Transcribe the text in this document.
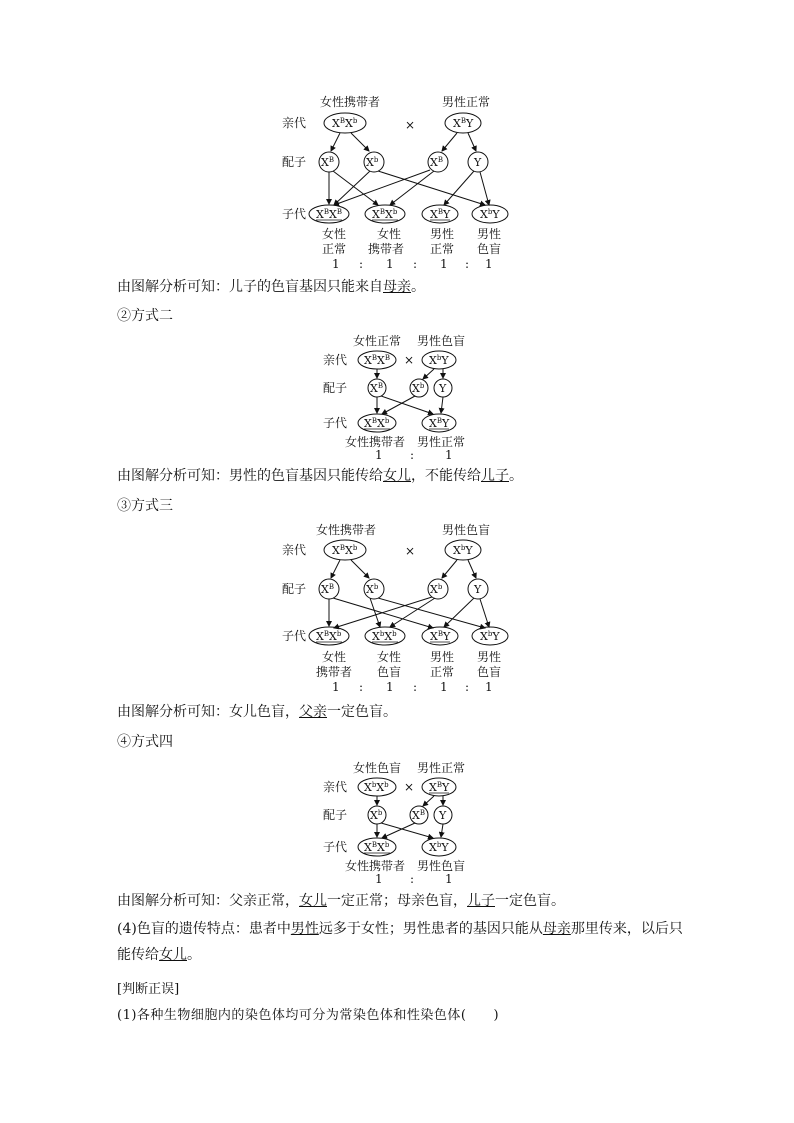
女性携带者	男性正常
亲代
配子
子代
×
$X^BX^b$	$X^BY$
$X^B$	$X^b$	$X^B$	Y
$X^BX^B$	$X^BX^b$	$X^BY$	$X^bY$
女性
正常
女性
携带者
男性
正常
男性
色盲
1 : 1 : 1 : 1
由图解分析可知：儿子的色盲基因只能来自母亲。
②方式二
女性正常 男性色盲
亲代
配子
子代
×
$X^BX^B$	$X^bY$
$X^B$	$X^b$ Y
$X^BX^b$	$X^BY$
女性携带者 男性正常
1 :	1
由图解分析可知：男性的色盲基因只能传给女儿，不能传给儿子。
③方式三
女性携带者	男性色盲
亲代
配子
子代
×
$X^BX^b$	$X^bY$
$X^B$	$X^b$	$X^b$	Y
$X^BX^b$	$X^bX^b$	$X^BY$	$X^bY$
女性
携带者
女性
色盲
男性
正常
男性
色盲
1 : 1 : 1 : 1
由图解分析可知：女儿色盲，父亲一定色盲。
④方式四
女性色盲 男性正常
亲代
配子
子代
×
$X^bX^b$	$X^BY$
$X^b$	$X^B$ Y
$X^BX^b$	$X^bY$
女性携带者 男性色盲
1 :	1
由图解分析可知：父亲正常，女儿一定正常；母亲色盲，儿子一定色盲。
(4)色盲的遗传特点：患者中男性远多于女性；男性患者的基因只能从母亲那里传来，以后只
能传给女儿。
[判断正误]
(1)各种生物细胞内的染色体均可分为常染色体和性染色体(　　)
